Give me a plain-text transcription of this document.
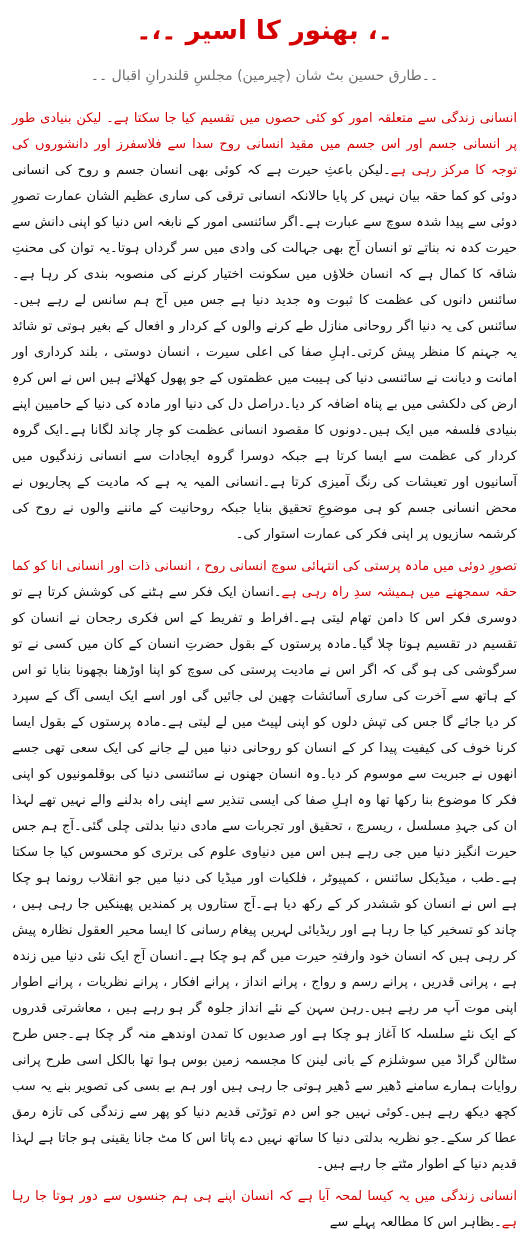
۔، بھنور کا اسیر ۔،۔
۔۔طارق حسین بٹ شان (چیرمین) مجلسِ قلندرانِ اقبال ۔۔

انسانی زندگی سے متعلقہ امور کو کئی حصوں میں تقسیم کیا جا سکتا ہے۔ لیکن بنیادی طور پر انسانی جسم اور اس جسم میں مقید انسانی روح سدا سے فلاسفرز اور دانشوروں کی توجہ کا مرکز رہی ہے۔لیکن باعثِ حیرت ہے کہ کوئی بھی انسان جسم و روح کی انسانی دوئی کو کما حقہ بیان نہیں کر پایا حالانکہ انسانی ترقی کی ساری عظیم الشان عمارت تصورِ دوئی سے پیدا شدہ سوچ سے عبارت ہے۔اگر سائنسی امور کے نابغہ اس دنیا کو اپنی دانش سے حیرت کدہ نہ بناتے تو انسان آج بھی جہالت کی وادی میں سر گرداں ہوتا۔یہ توان کی محنتِ شاقہ کا کمال ہے کہ انسان خلاؤں میں سکونت اختیار کرنے کی منصوبہ بندی کر رہا ہے۔سائنس دانوں کی عظمت کا ثبوت وہ جدید دنیا ہے جس میں آج ہم سانس لے رہے ہیں۔سائنس کی یہ دنیا اگر روحانی منازل طے کرنے والوں کے کردار و افعال کے بغیر ہوتی تو شائد یہ جہنم کا منظر پیش کرتی۔اہلِ صفا کی اعلی سیرت ، انسان دوستی ، بلند کرداری اور امانت و دیانت نے سائنسی دنیا کی ہیبت میں عظمتوں کے جو پھول کھلائے ہیں اس نے اس کرہِ ارض کی دلکشی میں بے پناہ اضافہ کر دیا۔دراصل دل کی دنیا اور مادہ کی دنیا کے حامیین اپنے بنیادی فلسفہ میں ایک ہیں۔دونوں کا مقصود انسانی عظمت کو چار چاند لگانا ہے۔ایک گروہ کردار کی عظمت سے ایسا کرتا ہے جبکہ دوسرا گروہ ایجادات سے انسانی زندگیوں میں آسانیوں اور تعیشات کی رنگ آمیزی کرتا ہے۔انسانی المیہ یہ ہے کہ مادیت کے پجاریوں نے محض انسانی جسم کو ہی موضوعِ تحقیق بنایا جبکہ روحانیت کے ماننے والوں نے روح کی کرشمہ سازیوں پر اپنی فکر کی عمارت استوار کی۔

تصورِ دوئی میں مادہ پرستی کی انتہائی سوچ انسانی روح ، انسانی ذات اور انسانی انا کو کما حقہ سمجھنے میں ہمیشہ سدِ راہ رہی ہے۔انسان ایک فکر سے ہٹنے کی کوشش کرتا ہے تو دوسری فکر اس کا دامن تھام لیتی ہے۔افراط و تفریط کے اس فکری رجحان نے انسان کو تقسیم در تقسیم ہوتا چلا گیا۔مادہ پرستوں کے بقول حضرتِ انسان کے کان میں کسی نے تو سرگوشی کی ہو گی کہ اگر اس نے مادیت پرستی کی سوچ کو اپنا اوڑھنا بچھونا بنایا تو اس کے ہاتھ سے آخرت کی ساری آسائشات چھین لی جائیں گی اور اسے ایک ایسی آگ کے سپرد کر دیا جائے گا جس کی تپش دلوں کو اپنی لپیٹ میں لے لیتی ہے۔مادہ پرستوں کے بقول ایسا کرنا خوف کی کیفیت پیدا کر کے انسان کو روحانی دنیا میں لے جانے کی ایک سعی تھی جسے انھوں نے جبریت سے موسوم کر دیا۔وہ انسان جھنوں نے سائنسی دنیا کی بوقلمونیوں کو اپنی فکر کا موضوع بنا رکھا تھا وہ اہلِ صفا کی ایسی تنذیر سے اپنی راہ بدلنے والے نہیں تھے لہذا ان کی جہدِ مسلسل ، ریسرچ ، تحقیق اور تجربات سے مادی دنیا بدلتی چلی گئی۔آج ہم جس حیرت انگیز دنیا میں جی رہے ہیں اس میں دنیاوی علوم کی برتری کو محسوس کیا جا سکتا ہے۔طب ، میڈیکل سائنس ، کمپیوٹر ، فلکیات اور میڈیا کی دنیا میں جو انقلاب رونما ہو چکا ہے اس نے انسان کو ششدر کر کے رکھ دیا ہے۔آج ستاروں پر کمندیں پھینکیں جا رہی ہیں ، چاند کو تسخیر کیا جا رہا ہے اور ریڈیائی لہریں پیغام رسانی کا ایسا محیر العقول نظارہ پیش کر رہی ہیں کہ انسان خود وارفتہِ حیرت میں گم ہو چکا ہے۔انسان آج ایک نئی دنیا میں زندہ ہے ، پرانی قدریں ، پرانے رسم و رواج ، پرانے انداز ، پرانے افکار ، پرانے نظریات ، پرانے اطوار اپنی موت آپ مر رہے ہیں۔رہن سہن کے نئے انداز جلوہ گر ہو رہے ہیں ، معاشرتی قدروں کے ایک نئے سلسلہ کا آغاز ہو چکا ہے اور صدیوں کا تمدن اوندھے منہ گر چکا ہے۔جس طرح سٹالن گراڈ میں سوشلزم کے بانی لینن کا مجسمہ زمین بوس ہوا تھا بالکل اسی طرح پرانی روایات ہمارے سامنے ڈھیر سے ڈھیر ہوتی جا رہی ہیں اور ہم بے بسی کی تصویر بنے یہ سب کچھ دیکھ رہے ہیں۔کوئی نہیں جو اس دم توڑتی قدیم دنیا کو پھر سے زندگی کی تازہ رمق عطا کر سکے۔جو نظریہ بدلتی دنیا کا ساتھ نہیں دے پاتا اس کا مٹ جانا یقینی ہو جاتا ہے لہذا قدیم دنیا کے اطوار مٹتے جا رہے ہیں۔

انسانی زندگی میں یہ کیسا لمحہ آیا ہے کہ انسان اپنے ہی ہم جنسوں سے دور ہوتا جا رہا ہے۔بظاہر اس کا مطالعہ پہلے سے
